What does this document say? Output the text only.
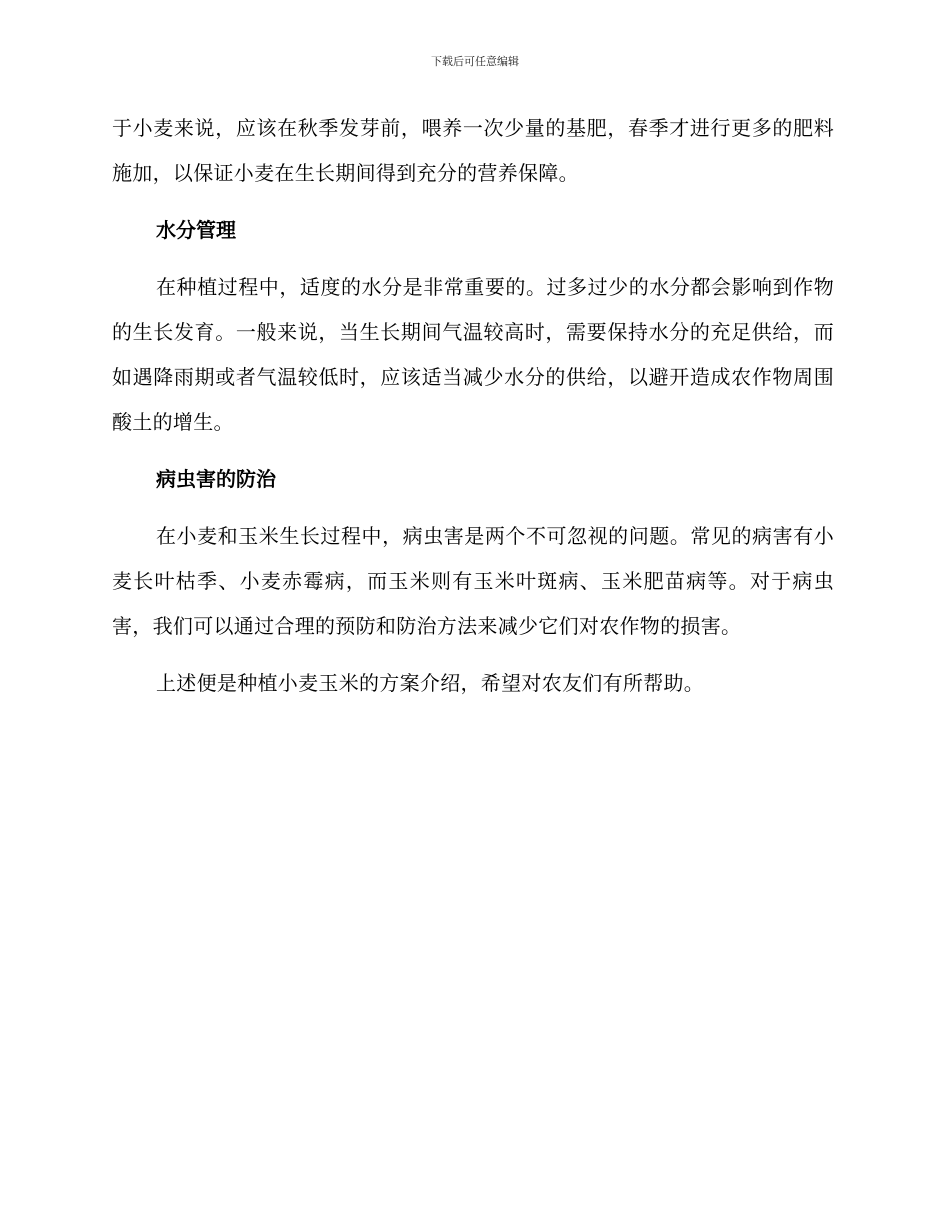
下载后可任意编辑

于小麦来说，应该在秋季发芽前，喂养一次少量的基肥，春季才进行更多的肥料施加，以保证小麦在生长期间得到充分的营养保障。

水分管理

在种植过程中，适度的水分是非常重要的。过多过少的水分都会影响到作物的生长发育。一般来说，当生长期间气温较高时，需要保持水分的充足供给，而如遇降雨期或者气温较低时，应该适当减少水分的供给，以避开造成农作物周围酸土的增生。

病虫害的防治

在小麦和玉米生长过程中，病虫害是两个不可忽视的问题。常见的病害有小麦长叶枯季、小麦赤霉病，而玉米则有玉米叶斑病、玉米肥苗病等。对于病虫害，我们可以通过合理的预防和防治方法来减少它们对农作物的损害。

上述便是种植小麦玉米的方案介绍，希望对农友们有所帮助。
